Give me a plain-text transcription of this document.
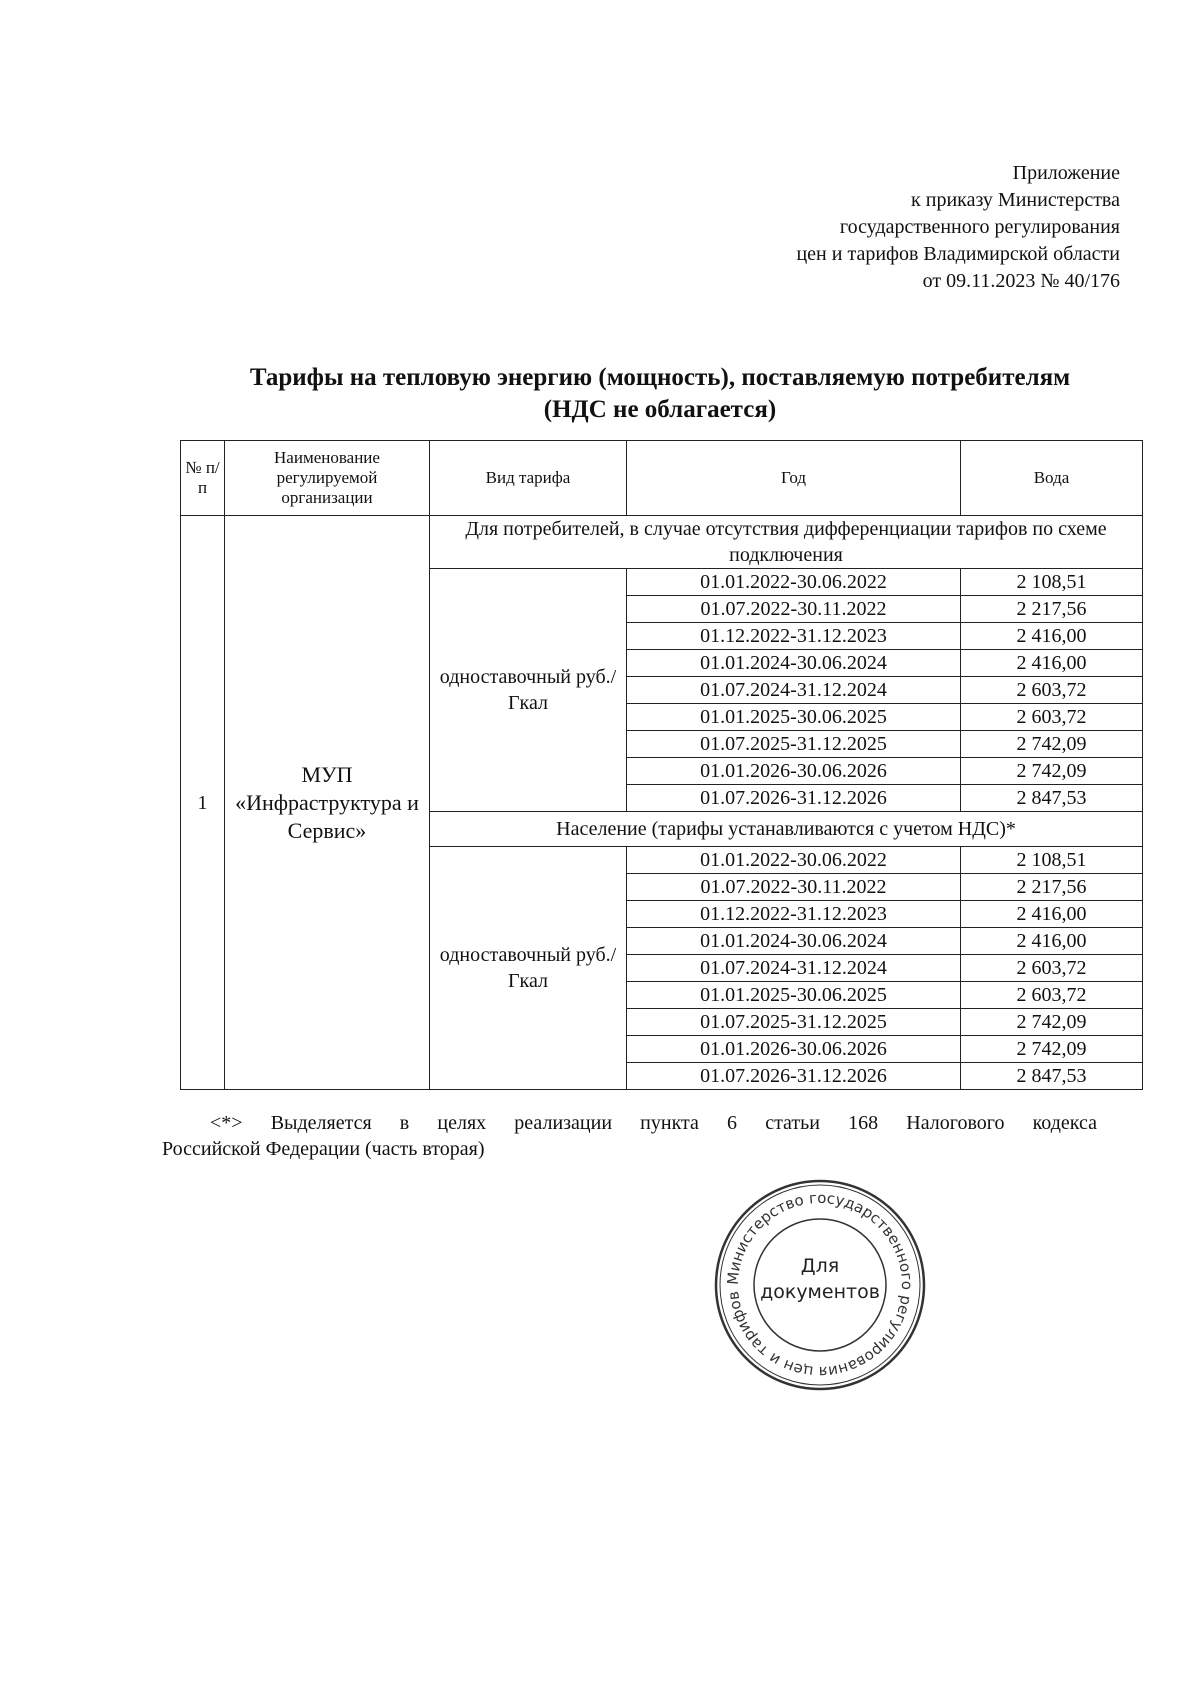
Приложение
к приказу Министерства
государственного регулирования
цен и тарифов Владимирской области
от 09.11.2023 № 40/176
Тарифы на тепловую энергию (мощность), поставляемую потребителям
(НДС не облагается)
№ п/п	Наименование регулируемой организации	Вид тарифа	Год	Вода
1	МУП «Инфраструктура и Сервис»	Для потребителей, в случае отсутствия дифференциации тарифов по схеме подключения		
		одноставочный руб./Гкал	01.01.2022-30.06.2022	2 108,51
			01.07.2022-30.11.2022	2 217,56
			01.12.2022-31.12.2023	2 416,00
			01.01.2024-30.06.2024	2 416,00
			01.07.2024-31.12.2024	2 603,72
			01.01.2025-30.06.2025	2 603,72
			01.07.2025-31.12.2025	2 742,09
			01.01.2026-30.06.2026	2 742,09
			01.07.2026-31.12.2026	2 847,53
		Население (тарифы устанавливаются с учетом НДС)*		
		одноставочный руб./Гкал	01.01.2022-30.06.2022	2 108,51
			01.07.2022-30.11.2022	2 217,56
			01.12.2022-31.12.2023	2 416,00
			01.01.2024-30.06.2024	2 416,00
			01.07.2024-31.12.2024	2 603,72
			01.01.2025-30.06.2025	2 603,72
			01.07.2025-31.12.2025	2 742,09
			01.01.2026-30.06.2026	2 742,09
			01.07.2026-31.12.2026	2 847,53
<*> Выделяется в целях реализации пункта 6 статьи 168 Налогового кодекса
Российской Федерации (часть вторая)
Министерство государственного регулирования цен и тарифов
Для
документов
